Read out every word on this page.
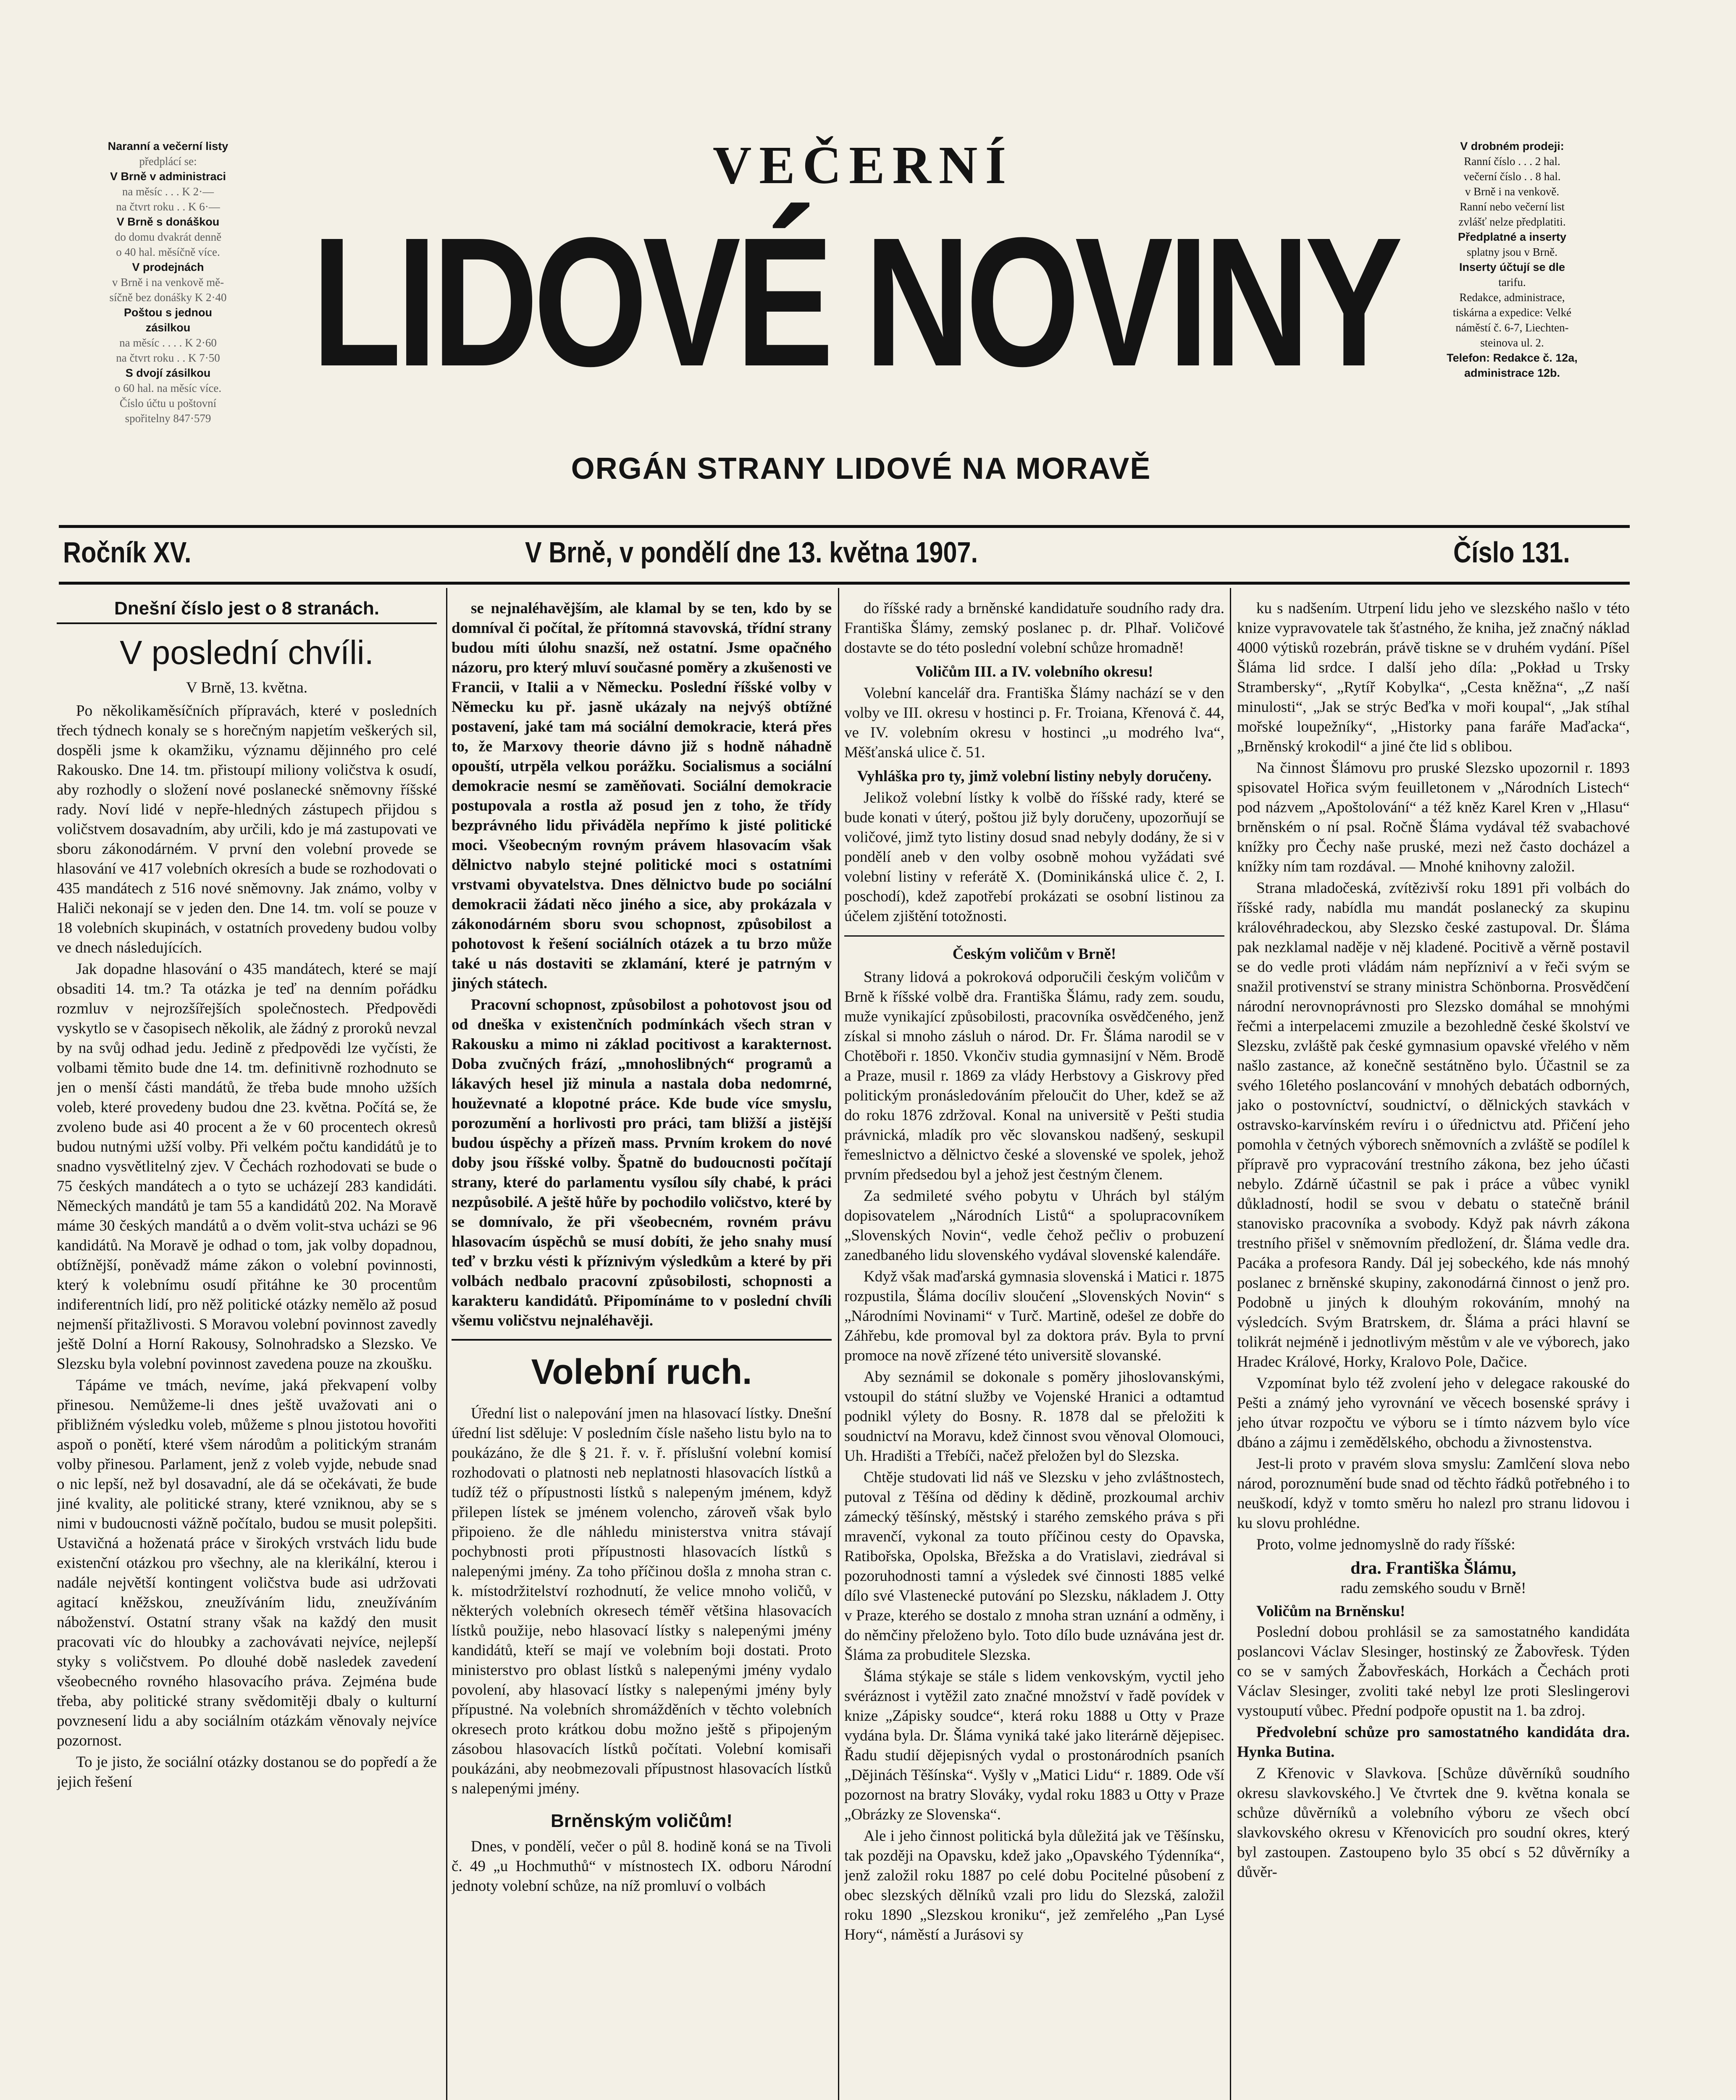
Naranní a večerní listy
předplácí se:
V Brně v administraci
na měsíc . . . K 2·—
na čtvrt roku . . K 6·—
V Brně s donáškou
do domu dvakrát denně
o 40 hal. měsíčně více.
V prodejnách
v Brně i na venkově mě-
síčně bez donášky K 2·40
Poštou s jednou
zásilkou
na měsíc . . . . K 2·60
na čtvrt roku . . K 7·50
S dvojí zásilkou
o 60 hal. na měsíc více.
Číslo účtu u poštovní
spořitelny 847·579
VEČERNÍ
LIDOVÉ NOVINY
ORGÁN STRANY LIDOVÉ NA MORAVĚ
V drobném prodeji:
Ranní číslo . . . 2 hal.
večerní číslo . . 8 hal.
v Brně i na venkově.
Ranní nebo večerní list
zvlášť nelze předplatiti.
Předplatné a inserty
splatny jsou v Brně.
Inserty účtují se dle
tarifu.
Redakce, administrace,
tiskárna a expedice: Velké
náměstí č. 6-7, Liechten-
steinova ul. 2.
Telefon: Redakce č. 12a,
administrace 12b.
Ročník XV.	V Brně, v pondělí dne 13. května 1907.	Číslo 131.
Dnešní číslo jest o 8 stranách.
V poslední chvíli.
V Brně, 13. května.

Po několikaměsíčních přípravách, které v posledních třech týdnech konaly se s horečným napjetím veškerých sil, dospěli jsme k okamžiku, významu dějinného pro celé Rakousko. Dne 14. tm. přistoupí miliony voličstva k osudí, aby rozhodly o složení nové poslanecké sněmovny říšské rady. Noví lidé v nepře-hledných zástupech přijdou s voličstvem dosavadním, aby určili, kdo je má zastupovati ve sboru zákonodárném. V první den volební provede se hlasování ve 417 volebních okresích a bude se rozhodovati o 435 mandátech z 516 nové sněmovny. Jak známo, volby v Haliči nekonají se v jeden den. Dne 14. tm. volí se pouze v 18 volebních skupinách, v ostatních provedeny budou volby ve dnech následujících.

Jak dopadne hlasování o 435 mandátech, které se mají obsaditi 14. tm.? Ta otázka je teď na denním pořádku rozmluv v nejrozšířejších společnostech. Předpovědi vyskytlo se v časopisech několik, ale žádný z proroků nevzal by na svůj odhad jedu. Jedině z předpovědi lze vyčísti, že volbami těmito bude dne 14. tm. definitivně rozhodnuto se jen o menší části mandátů, že třeba bude mnoho užších voleb, které provedeny budou dne 23. května. Počítá se, že zvoleno bude asi 40 procent a že v 60 procentech okresů budou nutnými užší volby. Při velkém počtu kandidátů je to snadno vysvětlitelný zjev. V Čechách rozhodovati se bude o 75 českých mandátech a o tyto se ucházejí 283 kandidáti. Německých mandátů je tam 55 a kandidátů 202. Na Moravě máme 30 českých mandátů a o dvěm volit-stva ucházi se 96 kandidátů. Na Moravě je odhad o tom, jak volby dopadnou, obtížnější, poněvadž máme zákon o volební povinnosti, který k volebnímu osudí přitáhne ke 30 procentům indiferentních lidí, pro něž politické otázky nemělo až posud nejmenší přitažlivosti. S Moravou volební povinnost zavedly ještě Dolní a Horní Rakousy, Solnohradsko a Slezsko. Ve Slezsku byla volební povinnost zavedena pouze na zkoušku.

Tápáme ve tmách, nevíme, jaká překvapení volby přinesou. Nemůžeme-li dnes ještě uvažovati ani o přibližném výsledku voleb, můžeme s plnou jistotou hovořiti aspoň o ponětí, které všem národům a politickým stranám volby přinesou. Parlament, jenž z voleb vyjde, nebude snad o nic lepší, než byl dosavadní, ale dá se očekávati, že bude jiné kvality, ale politické strany, které vzniknou, aby se s nimi v budoucnosti vážně počítalo, budou se musit polepšiti. Ustavičná a hoženatá práce v širokých vrstvách lidu bude existenční otázkou pro všechny, ale na klerikální, kterou i nadále největší kontingent voličstva bude asi udržovati agitací kněžskou, zneužíváním lidu, zneužíváním náboženství. Ostatní strany však na každý den musit pracovati víc do hloubky a zachovávati nejvíce, nejlepší styky s voličstvem. Po dlouhé době nasledek zavedení všeobecného rovného hlasovacího práva. Zejména bude třeba, aby politické strany svědomitěji dbaly o kulturní povznesení lidu a aby sociálním otázkám věnovaly nejvíce pozornost.

To je jisto, že sociální otázky dostanou se do popředí a že jejich řešení

se nejnaléhavějším, ale klamal by se ten, kdo by se domníval či počítal, že přítomná stavovská, třídní strany budou míti úlohu snazší, než ostatní. Jsme opačného názoru, pro který mluví současné poměry a zkušenosti ve Francii, v Italii a v Německu. Poslední říšské volby v Německu ku př. jasně ukázaly na nejvýš obtížné postavení, jaké tam má sociální demokracie, která přes to, že Marxovy theorie dávno již s hodně náhadně opouští, utrpěla velkou porážku. Socialismus a sociální demokracie nesmí se zaměňovati. Sociální demokracie postupovala a rostla až posud jen z toho, že třídy bezprávného lidu přiváděla nepřímo k jisté politické moci. Všeobecným rovným právem hlasovacím však dělnictvo nabylo stejné politické moci s ostatními vrstvami obyvatelstva. Dnes dělnictvo bude po sociální demokracii žádati něco jiného a sice, aby prokázala v zákonodárném sboru svou schopnost, způsobilost a pohotovost k řešení sociálních otázek a tu brzo může také u nás dostaviti se zklamání, které je patrným v jiných státech.

Pracovní schopnost, způsobilost a pohotovost jsou od od dneška v existenčních podmínkách všech stran v Rakousku a mimo ni základ pocitivost a karakternost. Doba zvučných frází, „mnohoslibných“ programů a lákavých hesel již minula a nastala doba nedomrné, houževnaté a klopotné práce. Kde bude více smyslu, porozumění a horlivosti pro práci, tam bližší a jistější budou úspěchy a přízeň mass. Prvním krokem do nové doby jsou říšské volby. Špatně do budoucnosti počítají strany, které do parlamentu vysílou síly chabé, k práci nezpůsobilé. A ještě hůře by pochodilo voličstvo, které by se domnívalo, že při všeobecném, rovném právu hlasovacím úspěchů se musí dobíti, že jeho snahy musí teď v brzku vésti k příznivým výsledkům a které by při volbách nedbalo pracovní způsobilosti, schopnosti a karakteru kandidátů. Připomínáme to v poslední chvíli všemu voličstvu nejnaléhavěji.

Volební ruch.

Úřední list o nalepování jmen na hlasovací lístky. Dnešní úřední list sděluje: V posledním čísle našeho listu bylo na to poukázáno, že dle § 21. ř. v. ř. příslušní volební komisí rozhodovati o platnosti neb neplatnosti hlasovacích lístků a tudíž též o přípustnosti lístků s nalepeným jménem, když přilepen lístek se jménem volencho, zároveň však bylo připoieno. že dle náhledu ministerstva vnitra stávají pochybnosti proti přípustnosti hlasovacích lístků s nalepenými jmény. Za toho příčinou došla z mnoha stran c. k. místodržitelství rozhodnutí, že velice mnoho voličů, v některých volebních okresech téměř většina hlasovacích lístků použije, nebo hlasovací lístky s nalepenými jmény kandidátů, kteří se mají ve volebním boji dostati. Proto ministerstvo pro oblast lístků s nalepenými jmény vydalo povolení, aby hlasovací lístky s nalepenými jmény byly přípustné. Na volebních shromážděních v těchto volebních okresech proto krátkou dobu možno ještě s připojeným zásobou hlasovacích lístků počítati. Volební komisaři poukázáni, aby neobmezovali přípustnost hlasovacích lístků s nalepenými jmény.

Brněnským voličům!

Dnes, v pondělí, večer o půl 8. hodině koná se na Tivoli č. 49 „u Hochmuthů“ v místnostech IX. odboru Národní jednoty volební schůze, na níž promluví o volbách

do říšské rady a brněnské kandidatuře soudního rady dra. Františka Šlámy, zemský poslanec p. dr. Plhař. Voličové dostavte se do této poslední volební schůze hromadně!

Voličům III. a IV. volebního okresu!

Volební kancelář dra. Františka Šlámy nachází se v den volby ve III. okresu v hostinci p. Fr. Troiana, Křenová č. 44, ve IV. volebním okresu v hostinci „u modrého lva“, Měšťanská ulice č. 51.

Vyhláška pro ty, jimž volební listiny nebyly doručeny.

Jelikož volební lístky k volbě do říšské rady, které se bude konati v úterý, poštou již byly doručeny, upozorňují se voličové, jimž tyto listiny dosud snad nebyly dodány, že si v pondělí aneb v den volby osobně mohou vyžádati své volební listiny v referátě X. (Dominikánská ulice č. 2, I. poschodí), kdež zapotřebí prokázati se osobní listinou za účelem zjištění totožnosti.

Českým voličům v Brně!

Strany lidová a pokroková odporučili českým voličům v Brně k říšské volbě dra. Františka Šlámu, rady zem. soudu, muže vynikající způsobilosti, pracovníka osvědčeného, jenž získal si mnoho zásluh o národ. Dr. Fr. Šláma narodil se v Chotěboři r. 1850. Vkončiv studia gymnasijní v Něm. Brodě a Praze, musil r. 1869 za vlády Herbstovy a Giskrovy před politickým pronásledováním přeloučit do Uher, kdež se až do roku 1876 zdržoval. Konal na universitě v Pešti studia právnická, mladík pro věc slovanskou nadšený, seskupil řemeslnictvo a dělnictvo české a slovenské ve spolek, jehož prvním předsedou byl a jehož jest čestným členem.

Za sedmileté svého pobytu v Uhrách byl stálým dopisovatelem „Národních Listů“ a spolupracovníkem „Slovenských Novin“, vedle čehož pečliv o probuzení zanedbaného lidu slovenského vydával slovenské kalendáře.

Když však maďarská gymnasia slovenská i Matici r. 1875 rozpustila, Šláma docíliv sloučení „Slovenských Novin“ s „Národními Novinami“ v Turč. Martině, odešel ze dobře do Záhřebu, kde promoval byl za doktora práv. Byla to první promoce na nově zřízené této universitě slovanské.

Aby seznámil se dokonale s poměry jihoslovanskými, vstoupil do státní služby ve Vojenské Hranici a odtamtud podnikl výlety do Bosny. R. 1878 dal se přeložiti k soudnictví na Moravu, kdež činnost svou věnoval Olomouci, Uh. Hradišti a Třebíči, načež přeložen byl do Slezska.

Chtěje studovati lid náš ve Slezsku v jeho zvláštnostech, putoval z Těšína od dědiny k dědině, prozkoumal archiv zámecký těšínský, městský i starého zemského práva s při mravenčí, vykonal za touto příčinou cesty do Opavska, Ratibořska, Opolska, Břežska a do Vratislavi, ziedrával si pozoruhodnosti tamní a výsledek své činnosti 1885 velké dílo své Vlastenecké putování po Slezsku, nákladem J. Otty v Praze, kterého se dostalo z mnoha stran uznání a odměny, i do němčiny přeloženo bylo. Toto dílo bude uznávána jest dr. Šláma za probuditele Slezska.

Šláma stýkaje se stále s lidem venkovským, vyctil jeho svéráznost i vytěžil zato značné množství v řadě povídek v knize „Zápisky soudce“, která roku 1888 u Otty v Praze vydána byla. Dr. Šláma vyniká také jako literárně dějepisec. Řadu studií dějepisných vydal o prostonárodních psaních „Dějinách Těšínska“. Vyšly v „Matici Lidu“ r. 1889. Ode vší pozornost na bratry Slováky, vydal roku 1883 u Otty v Praze „Obrázky ze Slovenska“.

Ale i jeho činnost politická byla důležitá jak ve Těšínsku, tak později na Opavsku, kdež jako „Opavského Týdenníka“, jenž založil roku 1887 po celé dobu Pocitelné působení z obec slezských dělníků vzali pro lidu do Slezská, založil roku 1890 „Slezskou kroniku“, jež zemřelého „Pan Lysé Hory“, náměstí a Jurásovi sy

ku s nadšením. Utrpení lidu jeho ve slezského našlo v této knize vypravovatele tak šťastného, že kniha, jež značný náklad 4000 výtisků rozebrán, právě tiskne se v druhém vydání. Píšel Šláma lid srdce. I další jeho díla: „Pokład u Trsky Strambersky“, „Rytíř Kobylka“, „Cesta kněžna“, „Z naší minulosti“, „Jak se strýc Beďka v moři koupal“, „Jak stíhal mořské loupežníky“, „Historky pana faráře Maďacka“, „Brněnský krokodil“ a jiné čte lid s oblibou.

Na činnost Šlámovu pro pruské Slezsko upozornil r. 1893 spisovatel Hořica svým feuilletonem v „Národních Listech“ pod názvem „Apoštolování“ a též kněz Karel Kren v „Hlasu“ brněnském o ní psal. Ročně Šláma vydával též svabachové knížky pro Čechy naše pruské, mezi než často docházel a knížky ním tam rozdával. — Mnohé knihovny založil.

Strana mladočeská, zvítězivší roku 1891 při volbách do říšské rady, nabídla mu mandát poslanecký za skupinu královéhradeckou, aby Slezsko české zastupoval. Dr. Šláma pak nezklamal naděje v něj kladené. Pocitivě a věrně postavil se do vedle proti vládám nám nepřízniví a v řeči svým se snažil protivenství se strany ministra Schönborna. Prosvědčení národní nerovnoprávnosti pro Slezsko domáhal se mnohými řečmi a interpelacemi zmuzile a bezohledně české školství ve Slezsku, zvláště pak české gymnasium opavské vřelého v něm našlo zastance, až konečně sestátněno bylo. Účastnil se za svého 16letého poslancování v mnohých debatách odborných, jako o postovníctví, soudnictví, o dělnických stavkách v ostravsko-karvínském revíru i o úřednictvu atd. Přičení jeho pomohla v četných výborech sněmovních a zvláště se podílel k přípravě pro vypracování trestního zákona, bez jeho účasti nebylo. Zdárně účastnil se pak i práce a vůbec vynikl důkladností, hodil se svou v debatu o statečně bránil stanovisko pracovníka a svobody. Když pak návrh zákona trestního přišel v sněmovním předložení, dr. Šláma vedle dra. Pacáka a profesora Randy. Dál jej sobeckého, kde nás mnohý poslanec z brněnské skupiny, zakonodárná činnost o jenž pro. Podobně u jiných k dlouhým rokováním, mnohý na výsledcích. Svým Bratrskem, dr. Šláma a práci hlavní se tolikrát nejméně i jednotlivým městům v ale ve výborech, jako Hradec Králové, Horky, Kralovo Pole, Dačice.

Vzpomínat bylo též zvolení jeho v delegace rakouské do Pešti a známý jeho vyrovnání ve věcech bosenské správy i jeho útvar rozpočtu ve výboru se i tímto názvem bylo více dbáno a zájmu i zemědělského, obchodu a živnostenstva.

Jest-li proto v pravém slova smyslu: Zamlčení slova nebo národ, poroznumění bude snad od těchto řádků potřebného i to neuškodí, když v tomto směru ho nalezl pro stranu lidovou i ku slovu prohlédne.

Proto, volme jednomyslně do rady říšské:

dra. Františka Šlámu,
radu zemského soudu v Brně!
Voličům na Brněnsku!

Poslední dobou prohlásil se za samostatného kandidáta poslancovi Václav Slesinger, hostinský ze Žabovřesk. Týden co se v samých Žabovřeskách, Horkách a Čechách proti Václav Slesinger, zvoliti také nebyl lze proti Sleslingerovi vystouputí vůbec. Přední podpoře opustit na 1. ba zdroj.

Předvolební schůze pro samostatného kandidáta dra. Hynka Butina.

Z Křenovic v Slavkova. [Schůze důvěrníků soudního okresu slavkovského.] Ve čtvrtek dne 9. května konala se schůze důvěrníků a volebního výboru ze všech obcí slavkovského okresu v Křenovicích pro soudní okres, který byl zastoupen. Zastoupeno bylo 35 obcí s 52 důvěrníky a důvěr-
